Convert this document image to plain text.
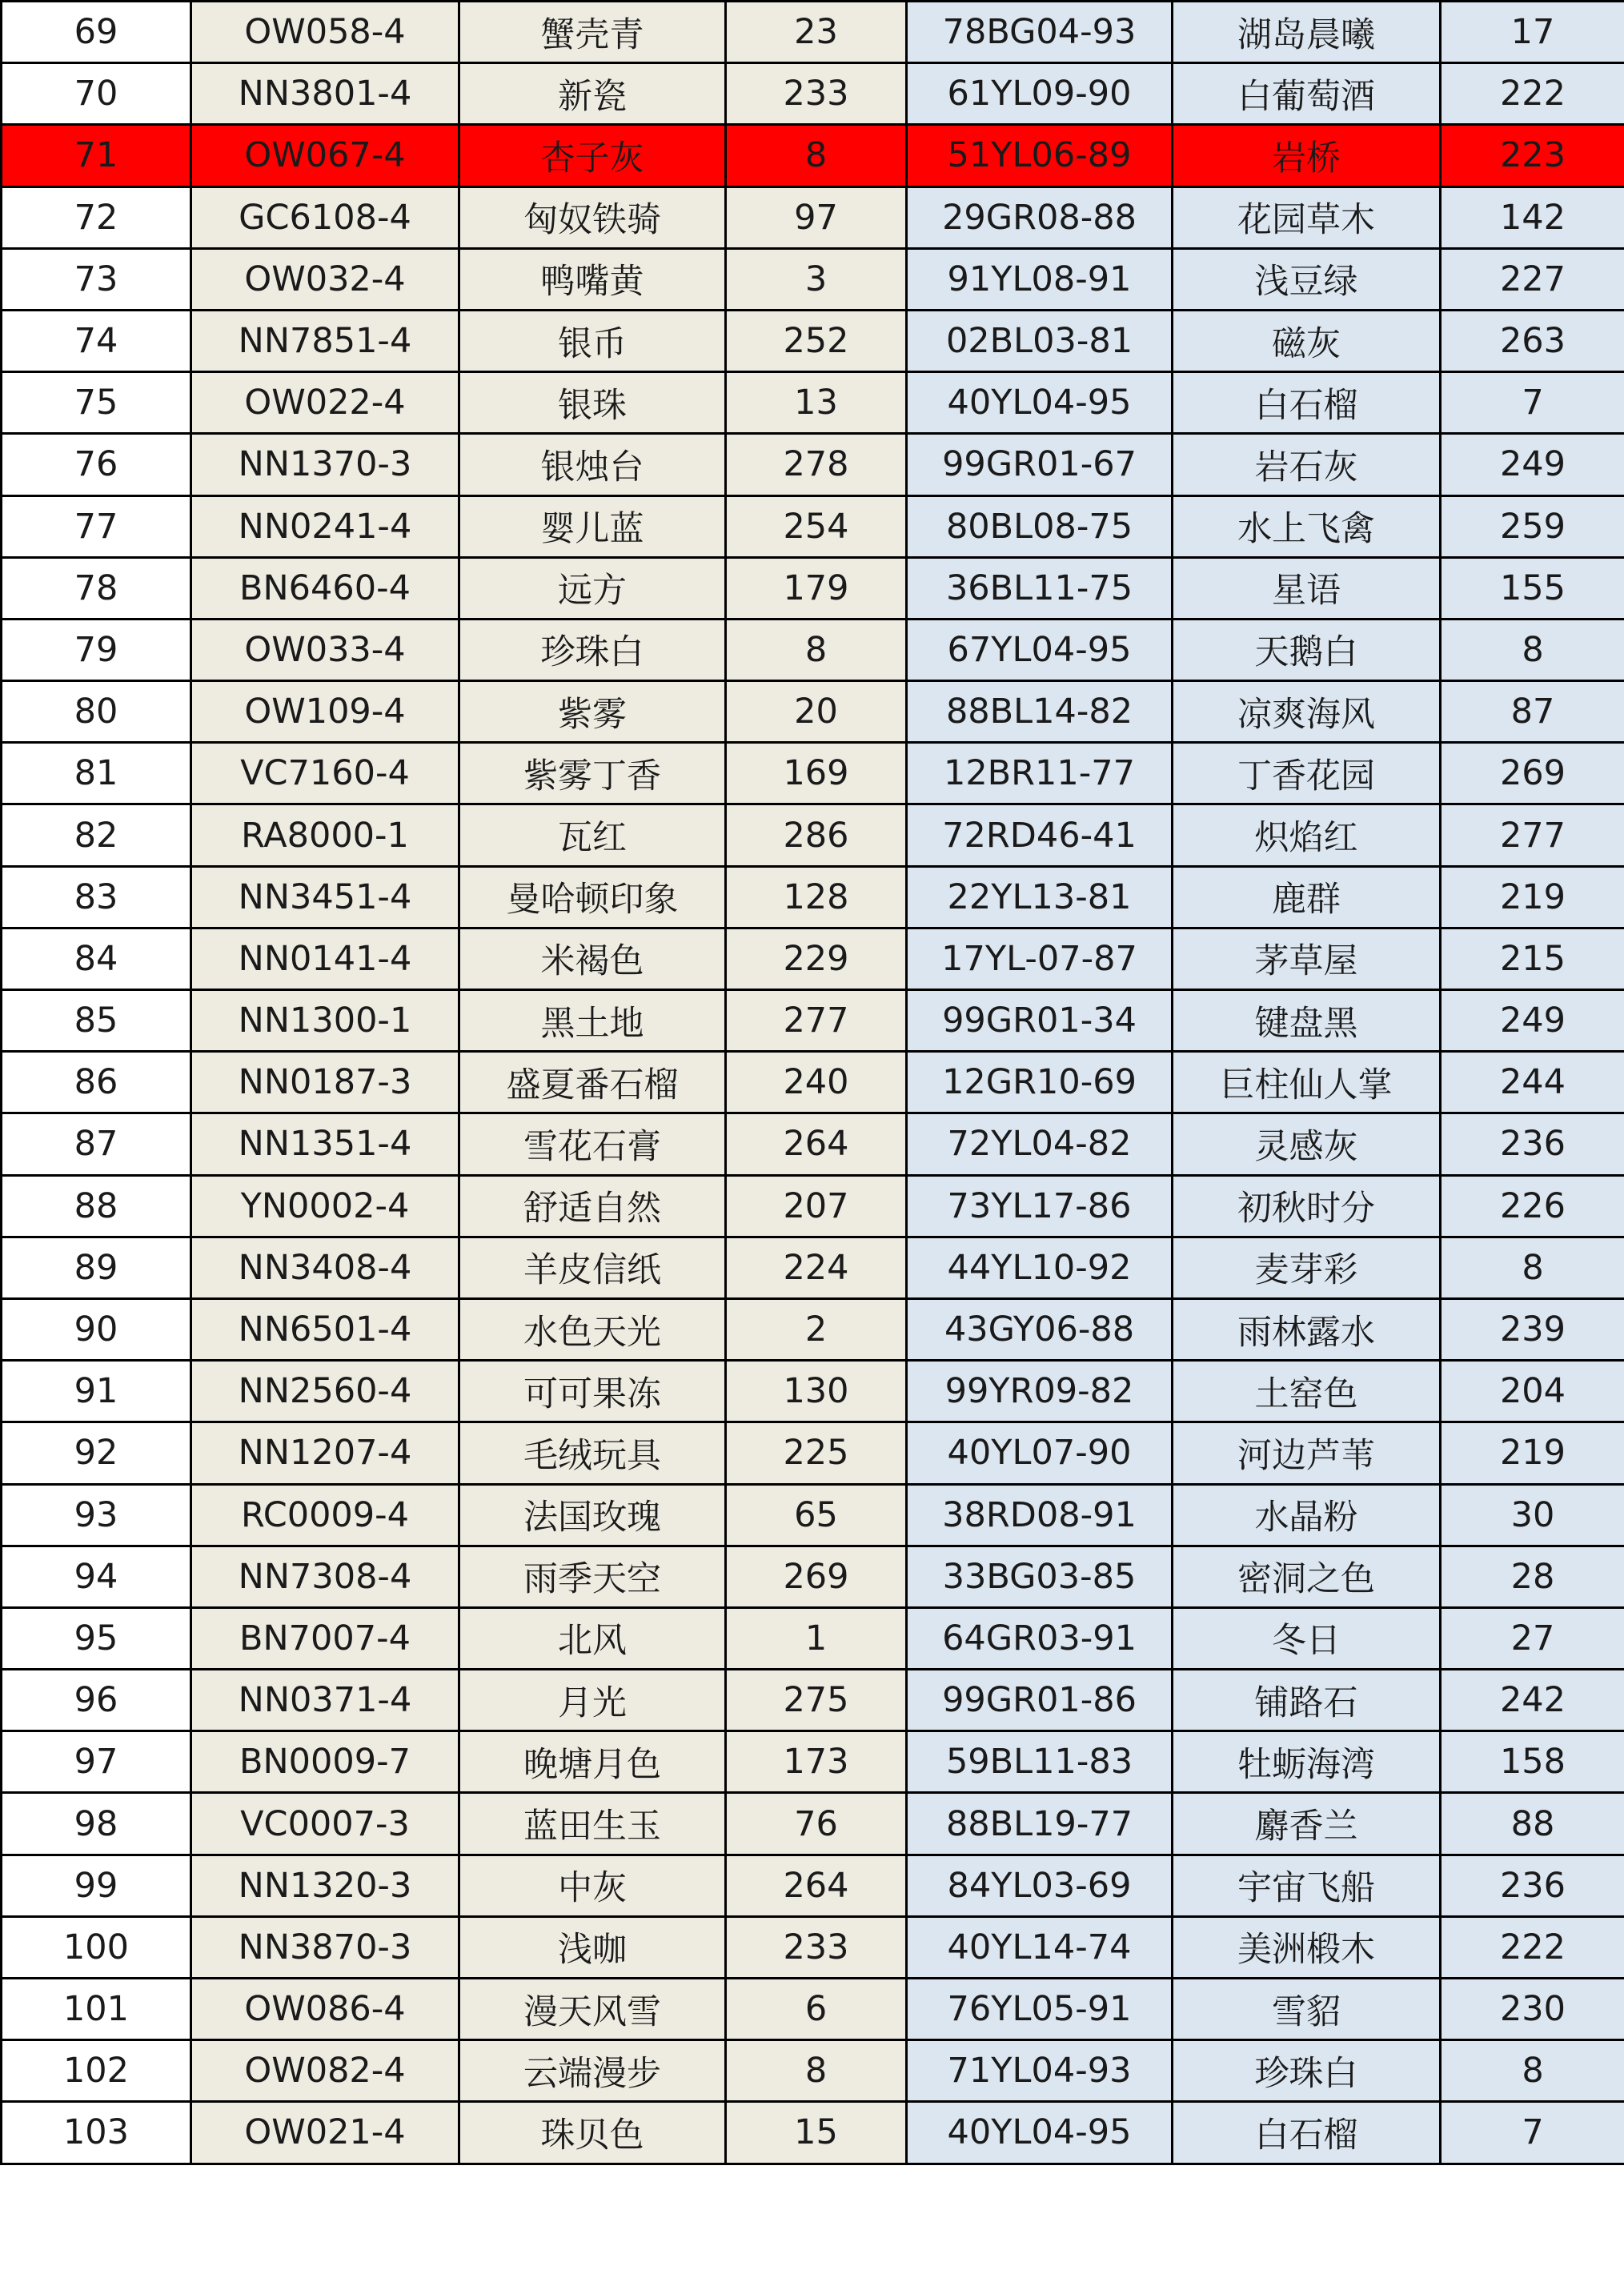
69	OW058-4	蟹壳青	23	78BG04-93	湖岛晨曦	17
70	NN3801-4	新瓷	233	61YL09-90	白葡萄酒	222
71	OW067-4	杏子灰	8	51YL06-89	岩桥	223
72	GC6108-4	匈奴铁骑	97	29GR08-88	花园草木	142
73	OW032-4	鸭嘴黄	3	91YL08-91	浅豆绿	227
74	NN7851-4	银币	252	02BL03-81	磁灰	263
75	OW022-4	银珠	13	40YL04-95	白石榴	7
76	NN1370-3	银烛台	278	99GR01-67	岩石灰	249
77	NN0241-4	婴儿蓝	254	80BL08-75	水上飞禽	259
78	BN6460-4	远方	179	36BL11-75	星语	155
79	OW033-4	珍珠白	8	67YL04-95	天鹅白	8
80	OW109-4	紫雾	20	88BL14-82	凉爽海风	87
81	VC7160-4	紫雾丁香	169	12BR11-77	丁香花园	269
82	RA8000-1	瓦红	286	72RD46-41	炽焰红	277
83	NN3451-4	曼哈顿印象	128	22YL13-81	鹿群	219
84	NN0141-4	米褐色	229	17YL-07-87	茅草屋	215
85	NN1300-1	黑土地	277	99GR01-34	键盘黑	249
86	NN0187-3	盛夏番石榴	240	12GR10-69	巨柱仙人掌	244
87	NN1351-4	雪花石膏	264	72YL04-82	灵感灰	236
88	YN0002-4	舒适自然	207	73YL17-86	初秋时分	226
89	NN3408-4	羊皮信纸	224	44YL10-92	麦芽彩	8
90	NN6501-4	水色天光	2	43GY06-88	雨林露水	239
91	NN2560-4	可可果冻	130	99YR09-82	土窑色	204
92	NN1207-4	毛绒玩具	225	40YL07-90	河边芦苇	219
93	RC0009-4	法国玫瑰	65	38RD08-91	水晶粉	30
94	NN7308-4	雨季天空	269	33BG03-85	密洞之色	28
95	BN7007-4	北风	1	64GR03-91	冬日	27
96	NN0371-4	月光	275	99GR01-86	铺路石	242
97	BN0009-7	晚塘月色	173	59BL11-83	牡蛎海湾	158
98	VC0007-3	蓝田生玉	76	88BL19-77	麝香兰	88
99	NN1320-3	中灰	264	84YL03-69	宇宙飞船	236
100	NN3870-3	浅咖	233	40YL14-74	美洲椴木	222
101	OW086-4	漫天风雪	6	76YL05-91	雪貂	230
102	OW082-4	云端漫步	8	71YL04-93	珍珠白	8
103	OW021-4	珠贝色	15	40YL04-95	白石榴	7
